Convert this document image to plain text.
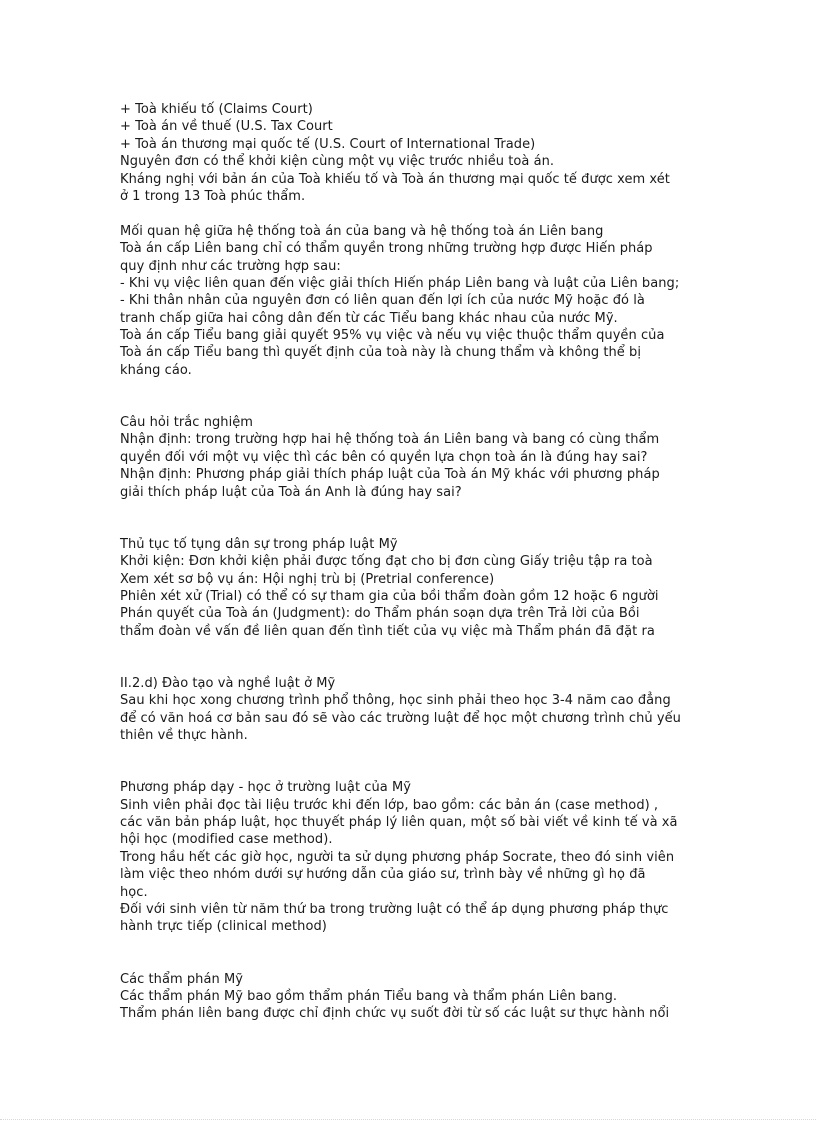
+ Toà khiếu tố (Claims Court)
+ Toà án về thuế (U.S. Tax Court
+ Toà án thương mại quốc tế (U.S. Court of International Trade)
Nguyên đơn có thể khởi kiện cùng một vụ việc trước nhiều toà án.
Kháng nghị với bản án của Toà khiếu tố và Toà án thương mại quốc tế được xem xét
ở 1 trong 13 Toà phúc thẩm.
Mối quan hệ giữa hệ thống toà án của bang và hệ thống toà án Liên bang
Toà án cấp Liên bang chỉ có thẩm quyền trong những trường hợp được Hiến pháp
quy định như các trường hợp sau:
- Khi vụ việc liên quan đến việc giải thích Hiến pháp Liên bang và luật của Liên bang;
- Khi thân nhân của nguyên đơn có liên quan đến lợi ích của nước Mỹ hoặc đó là
tranh chấp giữa hai công dân đến từ các Tiểu bang khác nhau của nước Mỹ.
Toà án cấp Tiểu bang giải quyết 95% vụ việc và nếu vụ việc thuộc thẩm quyền của
Toà án cấp Tiểu bang thì quyết định của toà này là chung thẩm và không thể bị
kháng cáo.
Câu hỏi trắc nghiệm
Nhận định: trong trường hợp hai hệ thống toà án Liên bang và bang có cùng thẩm
quyền đối với một vụ việc thì các bên có quyền lựa chọn toà án là đúng hay sai?
Nhận định: Phương pháp giải thích pháp luật của Toà án Mỹ khác với phương pháp
giải thích pháp luật của Toà án Anh là đúng hay sai?
Thủ tục tố tụng dân sự trong pháp luật Mỹ
Khởi kiện: Đơn khởi kiện phải được tống đạt cho bị đơn cùng Giấy triệu tập ra toà
Xem xét sơ bộ vụ án: Hội nghị trù bị (Pretrial conference)
Phiên xét xử (Trial) có thể có sự tham gia của bồi thẩm đoàn gồm 12 hoặc 6 người
Phán quyết của Toà án (Judgment): do Thẩm phán soạn dựa trên Trả lời của Bồi
thẩm đoàn về vấn đề liên quan đến tình tiết của vụ việc mà Thẩm phán đã đặt ra
II.2.d) Đào tạo và nghề luật ở Mỹ
Sau khi học xong chương trình phổ thông, học sinh phải theo học 3-4 năm cao đẳng
để có văn hoá cơ bản sau đó sẽ vào các trường luật để học một chương trình chủ yếu
thiên về thực hành.
Phương pháp dạy - học ở trường luật của Mỹ
Sinh viên phải đọc tài liệu trước khi đến lớp, bao gồm: các bản án (case method) ,
các văn bản pháp luật, học thuyết pháp lý liên quan, một số bài viết về kinh tế và xã
hội học (modified case method).
Trong hầu hết các giờ học, người ta sử dụng phương pháp Socrate, theo đó sinh viên
làm việc theo nhóm dưới sự hướng dẫn của giáo sư, trình bày về những gì họ đã
học.
Đối với sinh viên từ năm thứ ba trong trường luật có thể áp dụng phương pháp thực
hành trực tiếp (clinical method)
Các thẩm phán Mỹ
Các thẩm phán Mỹ bao gồm thẩm phán Tiểu bang và thẩm phán Liên bang.
Thẩm phán liên bang được chỉ định chức vụ suốt đời từ số các luật sư thực hành nổi
